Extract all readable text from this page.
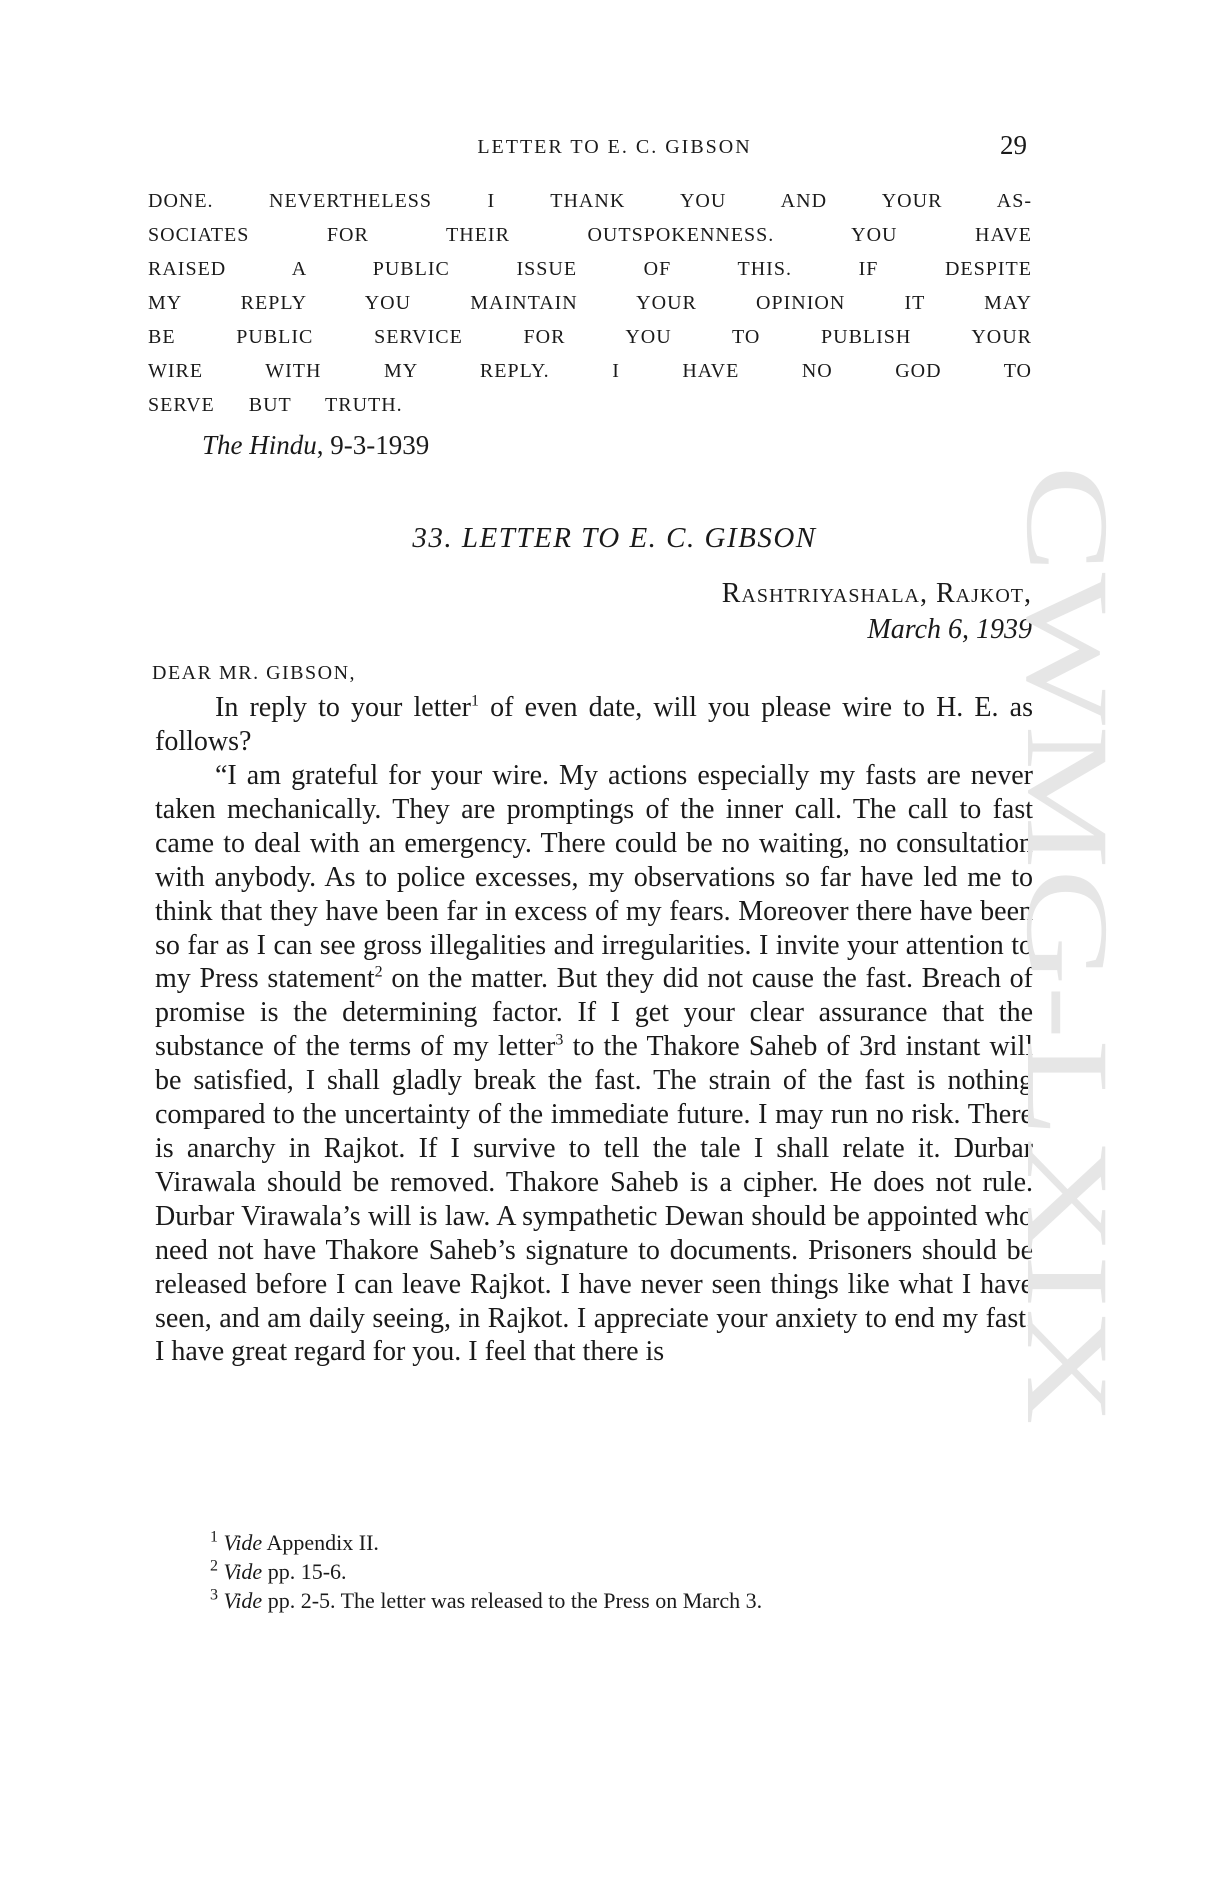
LETTER TO E. C. GIBSON	29
DONE. NEVERTHELESS I THANK YOU AND YOUR AS-
SOCIATES FOR THEIR OUTSPOKENNESS. YOU HAVE
RAISED A PUBLIC ISSUE OF THIS. IF DESPITE
MY REPLY YOU MAINTAIN YOUR OPINION IT MAY
BE PUBLIC SERVICE FOR YOU TO PUBLISH YOUR
WIRE WITH MY REPLY. I HAVE NO GOD TO
SERVE BUT TRUTH.
The Hindu, 9-3-1939
33. LETTER TO E. C. GIBSON
Rashtriyashala, Rajkot,
March 6, 1939
DEAR MR. GIBSON,

In reply to your letter$^1$ of even date, will you please wire to H. E. as follows?

“I am grateful for your wire. My actions especially my fasts are never taken mechanically. They are promptings of the inner call. The call to fast came to deal with an emergency. There could be no waiting, no consultation with anybody. As to police excesses, my observations so far have led me to think that they have been far in excess of my fears. Moreover there have been so far as I can see gross illegalities and irregularities. I invite your attention to my Press statement$^2$ on the matter. But they did not cause the fast. Breach of promise is the determining factor. If I get your clear assurance that the substance of the terms of my letter$^3$ to the Thakore Saheb of 3rd instant will be satisfied, I shall gladly break the fast. The strain of the fast is nothing compared to the uncertainty of the immediate future. I may run no risk. There is anarchy in Rajkot. If I survive to tell the tale I shall relate it. Durbar Virawala should be removed. Thakore Saheb is a cipher. He does not rule. Durbar Virawala’s will is law. A sympathetic Dewan should be appointed who need not have Thakore Saheb’s signature to documents. Prisoners should be released before I can leave Rajkot. I have never seen things like what I have seen, and am daily seeing, in Rajkot. I appreciate your anxiety to end my fast. I have great regard for you. I feel that there is

$^1$ Vide Appendix II.
$^2$ Vide pp. 15-6.
$^3$ Vide pp. 2-5. The letter was released to the Press on March 3.
CWMG-LXIX
